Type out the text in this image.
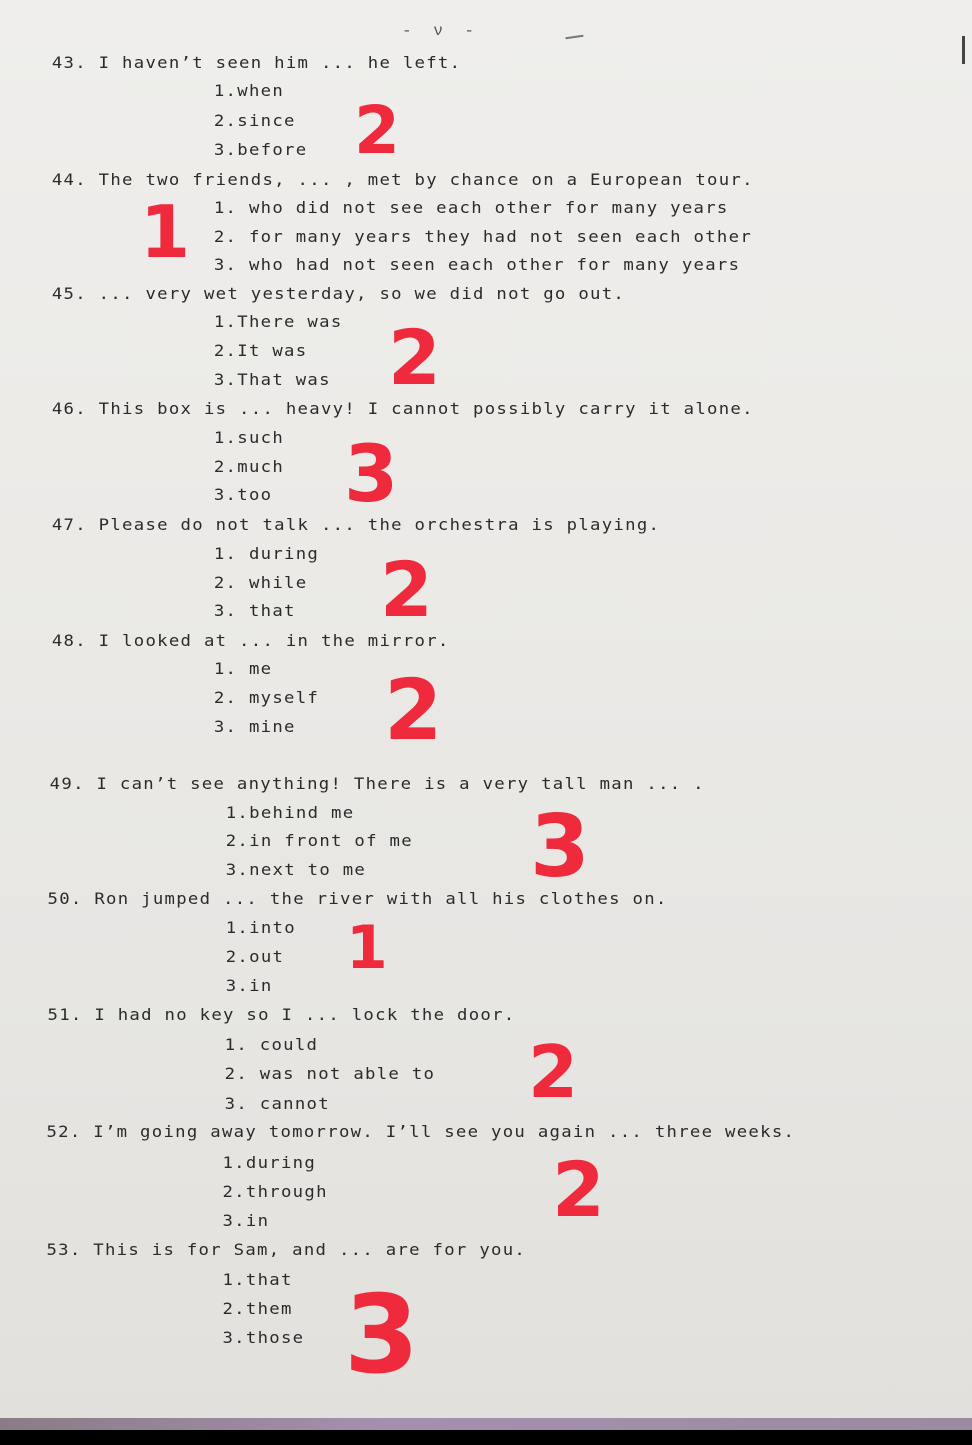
- ν -
43. I haven’t seen him ... he left.
1.when
2.since
3.before
44. The two friends, ... , met by chance on a European tour.
1. who did not see each other for many years
2. for many years they had not seen each other
3. who had not seen each other for many years
45. ... very wet yesterday, so we did not go out.
1.There was
2.It was
3.That was
46. This box is ... heavy! I cannot possibly carry it alone.
1.such
2.much
3.too
47. Please do not talk ... the orchestra is playing.
1. during
2. while
3. that
48. I looked at ... in the mirror.
1. me
2. myself
3. mine
49. I can’t see anything! There is a very tall man ... .
1.behind me
2.in front of me
3.next to me
50. Ron jumped ... the river with all his clothes on.
1.into
2.out
3.in
51. I had no key so I ... lock the door.
1. could
2. was not able to
3. cannot
52. I’m going away tomorrow. I’ll see you again ... three weeks.
1.during
2.through
3.in
53. This is for Sam, and ... are for you.
1.that
2.them
3.those
2
1
2
3
2
2
3
1
2
2
3
